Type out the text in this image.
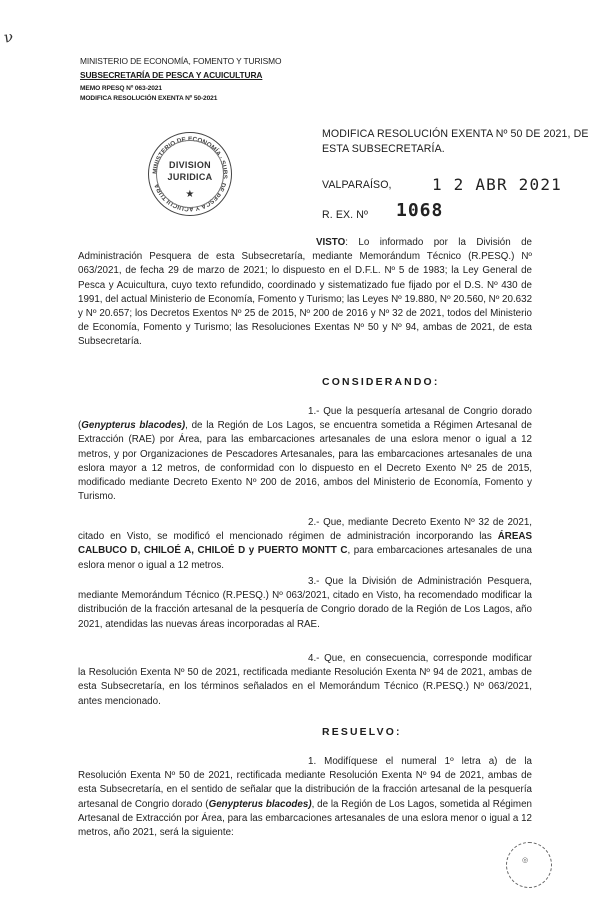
ν
MINISTERIO DE ECONOMÍA, FOMENTO Y TURISMO
SUBSECRETARÍA DE PESCA Y ACUICULTURA
MEMO RPESQ Nº 063-2021
MODIFICA RESOLUCIÓN EXENTA Nº 50-2021
MINISTERIO DE ECONOMÍA · SUBS. DE PESCA Y ACUICULTURA
DIVISION
JURIDICA
★
MODIFICA RESOLUCIÓN EXENTA Nº 50 DE 2021, DE
ESTA SUBSECRETARÍA.
VALPARAÍSO,	1 2 ABR 2021
R. EX. Nº 1068
VISTO: Lo informado por la División de Administración Pesquera de esta Subsecretaría, mediante Memorándum Técnico (R.PESQ.) Nº 063/2021, de fecha 29 de marzo de 2021; lo dispuesto en el D.F.L. Nº 5 de 1983; la Ley General de Pesca y Acuicultura, cuyo texto refundido, coordinado y sistematizado fue fijado por el D.S. Nº 430 de 1991, del actual Ministerio de Economía, Fomento y Turismo; las Leyes Nº 19.880, Nº 20.560, Nº 20.632 y Nº 20.657; los Decretos Exentos Nº 25 de 2015, Nº 200 de 2016 y Nº 32 de 2021, todos del Ministerio de Economía, Fomento y Turismo; las Resoluciones Exentas Nº 50 y Nº 94, ambas de 2021, de esta Subsecretaría.
CONSIDERANDO:
1.- Que la pesquería artesanal de Congrio dorado (Genypterus blacodes), de la Región de Los Lagos, se encuentra sometida a Régimen Artesanal de Extracción (RAE) por Área, para las embarcaciones artesanales de una eslora menor o igual a 12 metros, y por Organizaciones de Pescadores Artesanales, para las embarcaciones artesanales de una eslora mayor a 12 metros, de conformidad con lo dispuesto en el Decreto Exento Nº 25 de 2015, modificado mediante Decreto Exento Nº 200 de 2016, ambos del Ministerio de Economía, Fomento y Turismo.
2.- Que, mediante Decreto Exento Nº 32 de 2021, citado en Visto, se modificó el mencionado régimen de administración incorporando las ÁREAS CALBUCO D, CHILOÉ A, CHILOÉ D y PUERTO MONTT C, para embarcaciones artesanales de una eslora menor o igual a 12 metros.
3.- Que la División de Administración Pesquera, mediante Memorándum Técnico (R.PESQ.) Nº 063/2021, citado en Visto, ha recomendado modificar la distribución de la fracción artesanal de la pesquería de Congrio dorado de la Región de Los Lagos, año 2021, atendidas las nuevas áreas incorporadas al RAE.
4.- Que, en consecuencia, corresponde modificar la Resolución Exenta Nº 50 de 2021, rectificada mediante Resolución Exenta Nº 94 de 2021, ambas de esta Subsecretaría, en los términos señalados en el Memorándum Técnico (R.PESQ.) Nº 063/2021, antes mencionado.
RESUELVO:
1. Modifíquese el numeral 1º letra a) de la Resolución Exenta Nº 50 de 2021, rectificada mediante Resolución Exenta Nº 94 de 2021, ambas de esta Subsecretaría, en el sentido de señalar que la distribución de la fracción artesanal de la pesquería artesanal de Congrio dorado (Genypterus blacodes), de la Región de Los Lagos, sometida al Régimen Artesanal de Extracción por Área, para las embarcaciones artesanales de una eslora menor o igual a 12 metros, año 2021, será la siguiente:
◎
